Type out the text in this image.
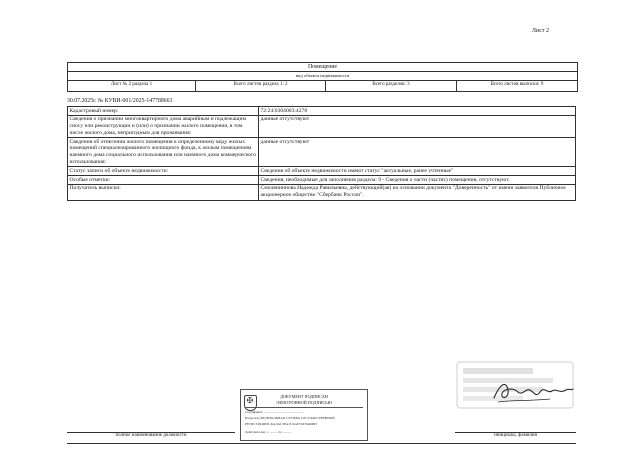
Лист 2
Помещение
вид объекта недвижимости
Лист № 2 раздела 1	Всего листов раздела 1: 2	Всего разделов: 3	Всего листов выписки: 9
30.07.2025г. № КУВИ-001/2025-147788663
Кадастровый номер:	72:24:0304003:4278
Сведения о признании многоквартирного дома аварийным и подлежащим сносу или реконструкции и (или) о признании жилого помещения, в том числе жилого дома, непригодным для проживания:	данные отсутствуют
Сведения об отнесении жилого помещения к определенному виду жилых помещений специализированного жилищного фонда, к жилым помещениям наемного дома социального использования или наемного дома коммерческого использования:	данные отсутствуют
Статус записи об объекте недвижимости:	Сведения об объекте недвижимости имеют статус "актуальные, ранее учтенные"
Особые отметки:	Сведения, необходимые для заполнения раздела: 9 - Сведения о части (частях) помещения, отсутствуют.
Получатель выписки:	Смоляниннова Надежда Равильевна, действующий(ая) на основании документа "Доверенность" от имени заявителя Публичное акционерное общество "Сбербанк России".
✠
ДОКУМЕНТ ПОДПИСАН
ЭЛЕКТРОННОЙ ПОДПИСЬЮ
Сертификат: ...............................................
Владелец: ФЕДЕРАЛЬНАЯ СЛУЖБА ГОСУДАРСТВЕННОЙ
РЕГИСТРАЦИИ, КАДАСТРА И КАРТОГРАФИИ
Действителен: с .......... по ..........
полное наименование должности	инициалы, фамилия
